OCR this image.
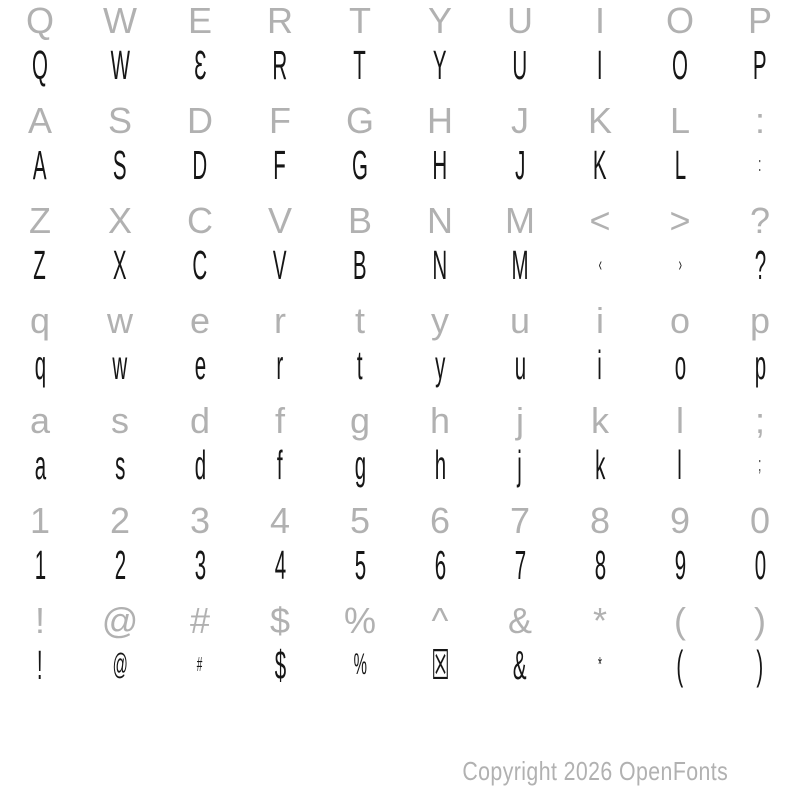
Q W E R T Y U I O P
Q W Ɛ R T Y U I O P
A S D F G H J K L :
A S D F G H J K L	:
Z X C V B N M < > ?
Z X C V B N M	‹	› ?
q w e r t y u i o p
q w e r t y u i o p
a s d f g h j k l ;
a s d f g h j k l	;
1 2 3 4 5 6 7 8 9 0
1 2 3 4 5 6 7 8 9 0
! @ # $ % ^ & * ( )
! @	# $ % ☒ &	* ( )
Copyright 2026 OpenFonts
